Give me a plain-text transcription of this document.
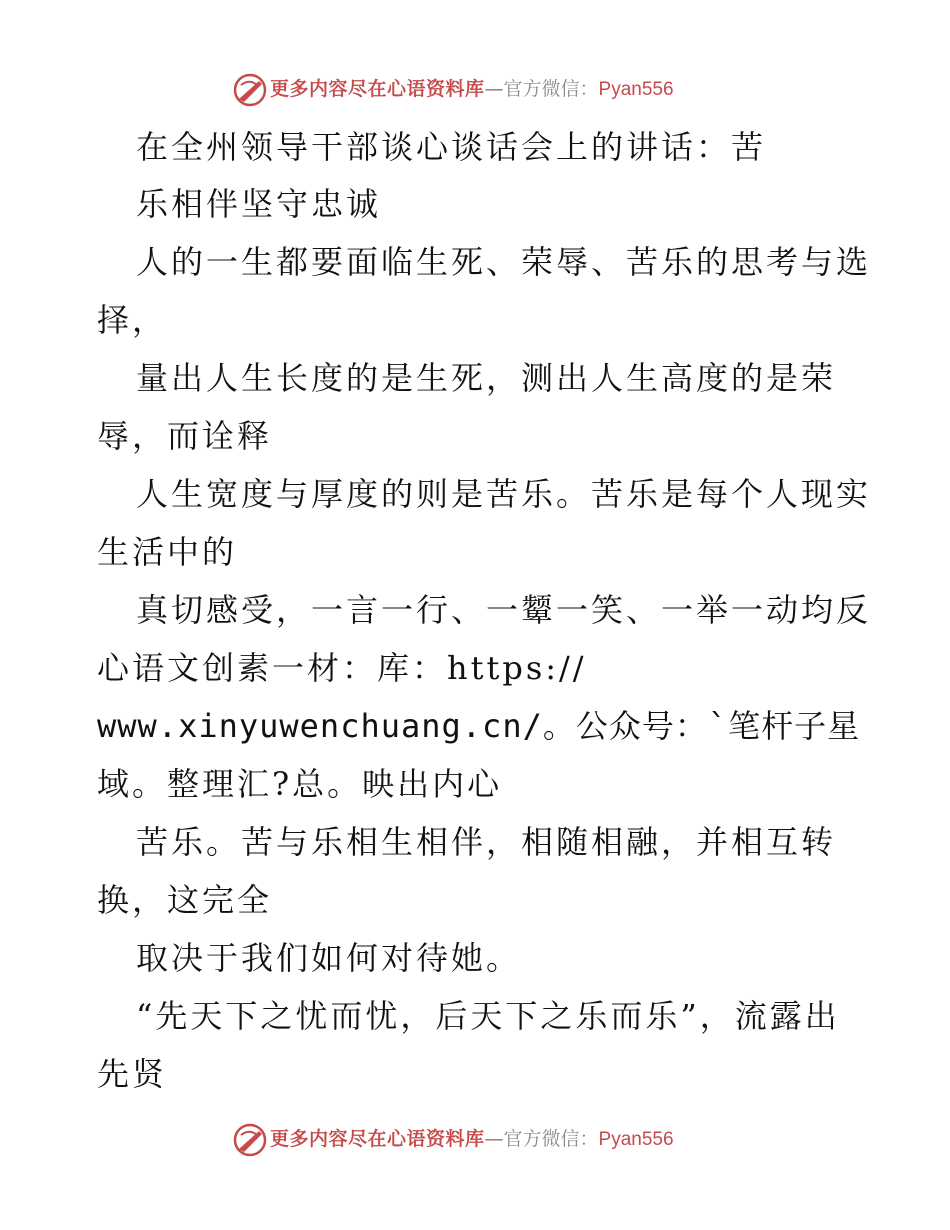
更多内容尽在心语资料库—官方微信：Pyan556
在全州领导干部谈心谈话会上的讲话：苦
乐相伴坚守忠诚
人的一生都要面临生死、荣辱、苦乐的思考与选
择，
量出人生长度的是生死，测出人生高度的是荣
辱，而诠释
人生宽度与厚度的则是苦乐。苦乐是每个人现实
生活中的
真切感受，一言一行、一颦一笑、一举一动均反
心语文创素一材：库：https://
www.xinyuwenchuang.cn/。公众号：`笔杆子星
域。整理汇?总。映出内心
苦乐。苦与乐相生相伴，相随相融，并相互转
换，这完全
取决于我们如何对待她。
“先天下之忧而忧，后天下之乐而乐”，流露出
先贤
更多内容尽在心语资料库—官方微信：Pyan556
